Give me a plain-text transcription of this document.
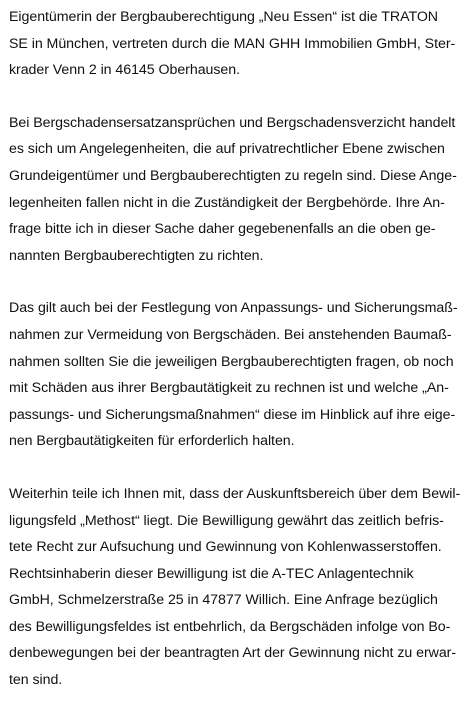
Eigentümerin der Bergbauberechtigung „Neu Essen“ ist die TRATON
SE in München, vertreten durch die MAN GHH Immobilien GmbH, Ster-
krader Venn 2 in 46145 Oberhausen.
Bei Bergschadensersatzansprüchen und Bergschadensverzicht handelt
es sich um Angelegenheiten, die auf privatrechtlicher Ebene zwischen
Grundeigentümer und Bergbauberechtigten zu regeln sind. Diese Ange-
legenheiten fallen nicht in die Zuständigkeit der Bergbehörde. Ihre An-
frage bitte ich in dieser Sache daher gegebenenfalls an die oben ge-
nannten Bergbauberechtigten zu richten.
Das gilt auch bei der Festlegung von Anpassungs- und Sicherungsmaß-
nahmen zur Vermeidung von Bergschäden. Bei anstehenden Baumaß-
nahmen sollten Sie die jeweiligen Bergbauberechtigten fragen, ob noch
mit Schäden aus ihrer Bergbautätigkeit zu rechnen ist und welche „An-
passungs- und Sicherungsmaßnahmen“ diese im Hinblick auf ihre eige-
nen Bergbautätigkeiten für erforderlich halten.
Weiterhin teile ich Ihnen mit, dass der Auskunftsbereich über dem Bewil-
ligungsfeld „Methost“ liegt. Die Bewilligung gewährt das zeitlich befris-
tete Recht zur Aufsuchung und Gewinnung von Kohlenwasserstoffen.
Rechtsinhaberin dieser Bewilligung ist die A-TEC Anlagentechnik
GmbH, Schmelzerstraße 25 in 47877 Willich. Eine Anfrage bezüglich
des Bewilligungsfeldes ist entbehrlich, da Bergschäden infolge von Bo-
denbewegungen bei der beantragten Art der Gewinnung nicht zu erwar-
ten sind.
